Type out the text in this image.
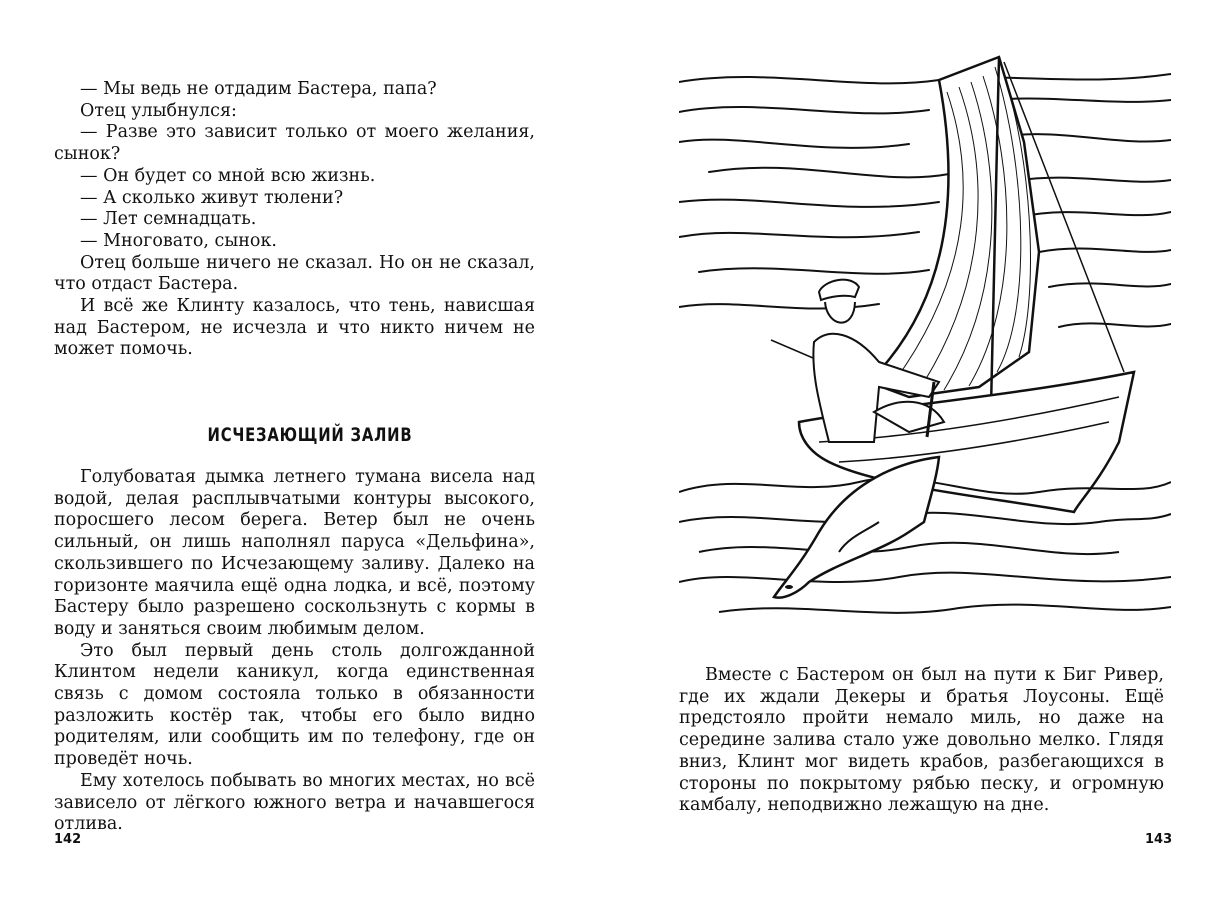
— Мы ведь не отдадим Бастера, папа?

Отец улыбнулся:

— Разве это зависит только от моего желания, сынок?

— Он будет со мной всю жизнь.

— А сколько живут тюлени?

— Лет семнадцать.

— Многовато, сынок.

Отец больше ничего не сказал. Но он не сказал, что отдаст Бастера.

И всё же Клинту казалось, что тень, нависшая над Бастером, не исчезла и что никто ничем не может помочь.

ИСЧЕЗАЮЩИЙ ЗАЛИВ

Голубоватая дымка летнего тумана висела над водой, делая расплывчатыми контуры высокого, поросшего лесом берега. Ветер был не очень сильный, он лишь наполнял паруса «Дельфина», скользившего по Исчезающему заливу. Далеко на горизонте маячила ещё одна лодка, и всё, поэтому Бастеру было разрешено соскользнуть с кормы в воду и заняться своим любимым делом.

Это был первый день столь долгожданной Клинтом недели каникул, когда единственная связь с домом состояла только в обязанности разложить костёр так, чтобы его было видно родителям, или сообщить им по телефону, где он проведёт ночь.

Ему хотелось побывать во многих местах, но всё зависело от лёгкого южного ветра и начавшегося отлива.

142

Вместе с Бастером он был на пути к Биг Ривер, где их ждали Декеры и братья Лоусоны. Ещё предстояло пройти немало миль, но даже на середине залива стало уже довольно мелко. Глядя вниз, Клинт мог видеть крабов, разбегающихся в стороны по покрытому рябью песку, и огромную камбалу, неподвижно лежащую на дне.

143
